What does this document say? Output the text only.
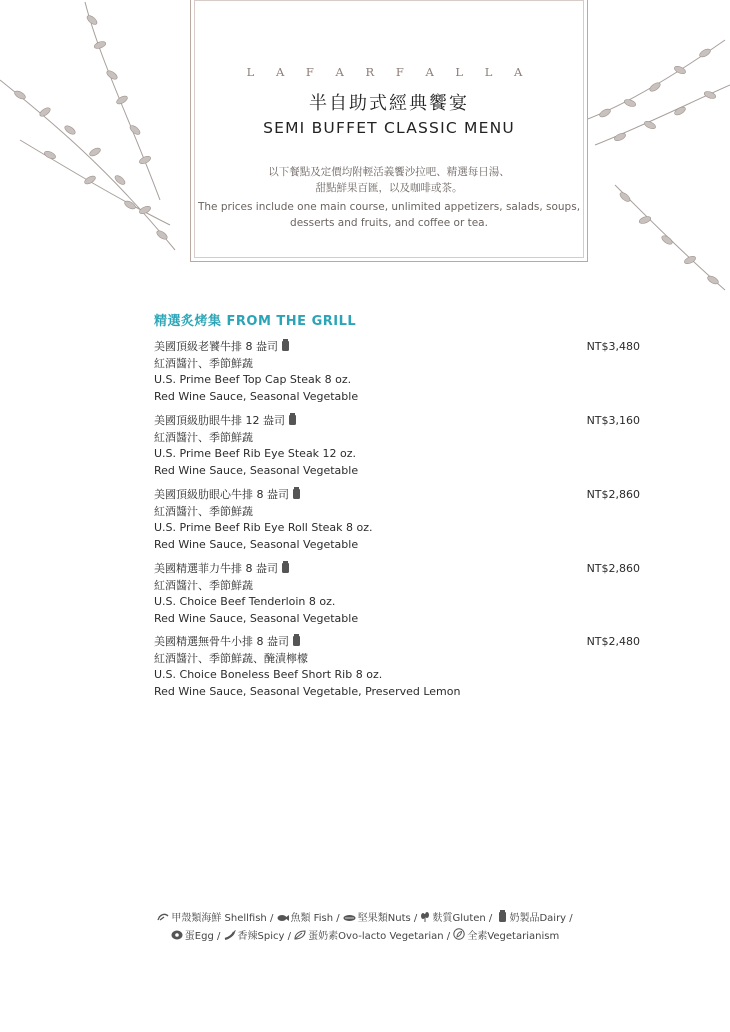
L A F A R F A L L A
半自助式經典饗宴
SEMI BUFFET CLASSIC MENU
以下餐點及定價均附輕活義饗沙拉吧、精選每日湯、
甜點鮮果百匯，以及咖啡或茶。
The prices include one main course, unlimited appetizers, salads, soups,
desserts and fruits, and coffee or tea.
精選炙烤集 FROM THE GRILL
美國頂級老饕牛排 8 盎司
紅酒醬汁、季節鮮蔬
U.S. Prime Beef Top Cap Steak 8 oz.
Red Wine Sauce, Seasonal Vegetable
NT$3,480
美國頂級肋眼牛排 12 盎司
紅酒醬汁、季節鮮蔬
U.S. Prime Beef Rib Eye Steak 12 oz.
Red Wine Sauce, Seasonal Vegetable
NT$3,160
美國頂級肋眼心牛排 8 盎司
紅酒醬汁、季節鮮蔬
U.S. Prime Beef Rib Eye Roll Steak 8 oz.
Red Wine Sauce, Seasonal Vegetable
NT$2,860
美國精選菲力牛排 8 盎司
紅酒醬汁、季節鮮蔬
U.S. Choice Beef Tenderloin 8 oz.
Red Wine Sauce, Seasonal Vegetable
NT$2,860
美國精選無骨牛小排 8 盎司
紅酒醬汁、季節鮮蔬、醃漬檸檬
U.S. Choice Boneless Beef Short Rib 8 oz.
Red Wine Sauce, Seasonal Vegetable, Preserved Lemon
NT$2,480
甲殼類海鮮 Shellfish / 魚類 Fish / 堅果類Nuts / 麩質Gluten / 奶製品Dairy /
蛋Egg / 香辣Spicy / 蛋奶素Ovo-lacto Vegetarian / 全素Vegetarianism
